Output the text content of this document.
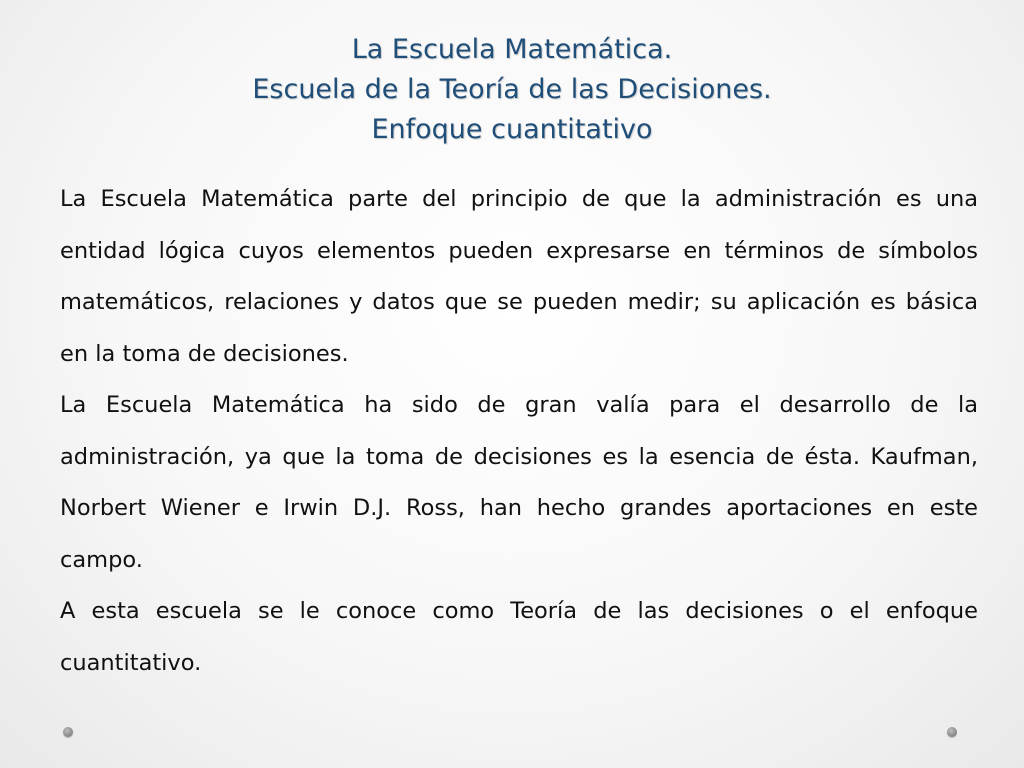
La Escuela Matemática.
Escuela de la Teoría de las Decisiones.
Enfoque cuantitativo

La Escuela Matemática parte del principio de que la administración es una entidad lógica cuyos elementos pueden expresarse en términos de símbolos matemáticos, relaciones y datos que se pueden medir; su aplicación es básica en la toma de decisiones.

La Escuela Matemática ha sido de gran valía para el desarrollo de la administración, ya que la toma de decisiones es la esencia de ésta. Kaufman, Norbert Wiener e Irwin D.J. Ross, han hecho grandes aportaciones en este campo.

A esta escuela se le conoce como Teoría de las decisiones o el enfoque cuantitativo.
